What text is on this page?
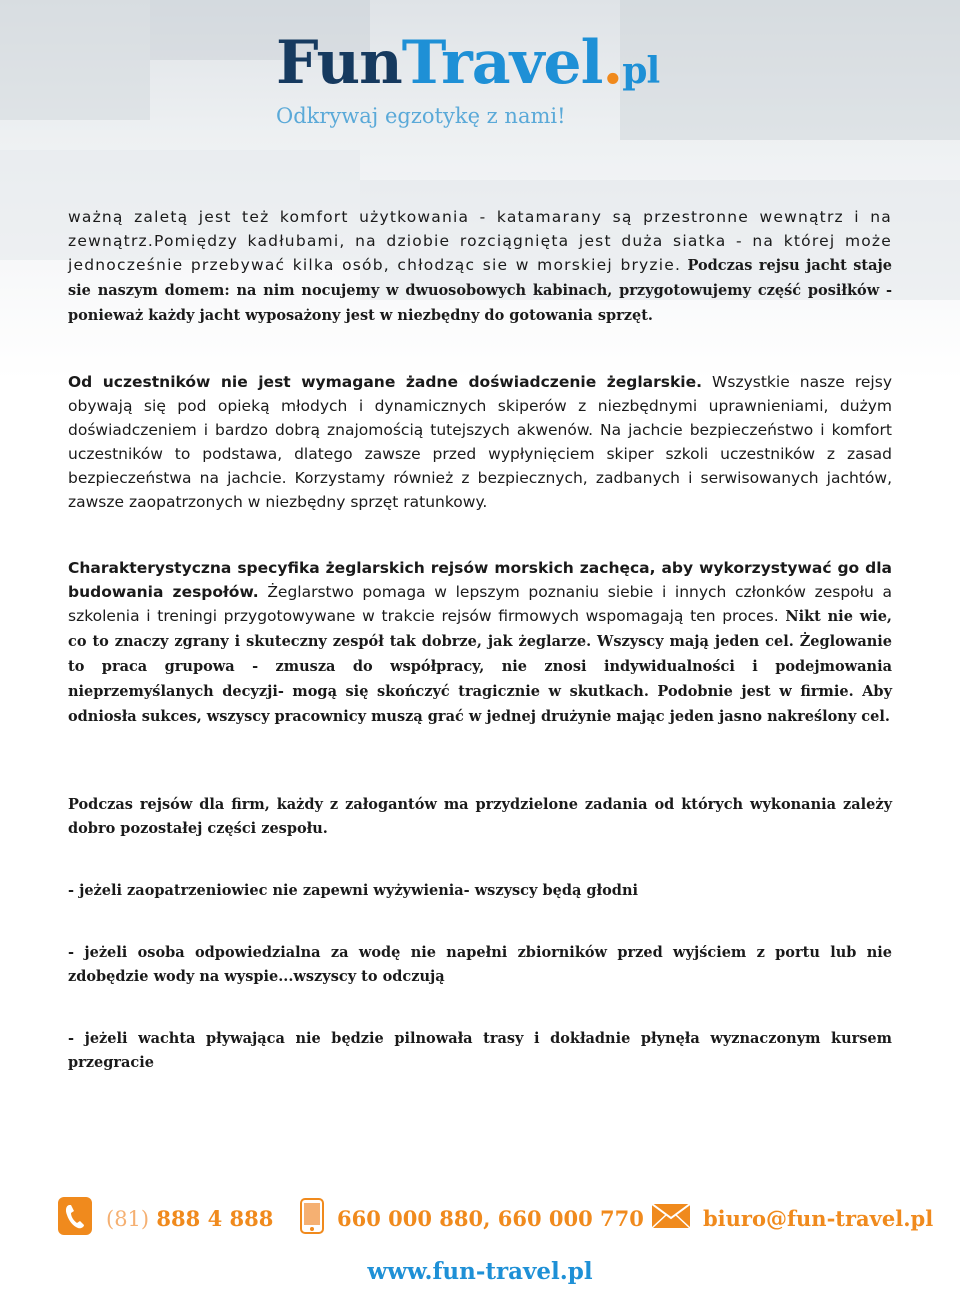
FunTravel.pl
Odkrywaj egzotykę z nami!

ważną zaletą jest też komfort użytkowania - katamarany są przestronne wewnątrz i na zewnątrz.Pomiędzy kadłubami, na dziobie rozciągnięta jest duża siatka - na której może jednocześnie przebywać kilka osób, chłodząc sie w morskiej bryzie. Podczas rejsu jacht staje sie naszym domem: na nim nocujemy w dwuosobowych kabinach, przygotowujemy część posiłków - ponieważ każdy jacht wyposażony jest w niezbędny do gotowania sprzęt.

Od uczestników nie jest wymagane żadne doświadczenie żeglarskie. Wszystkie nasze rejsy obywają się pod opieką młodych i dynamicznych skiperów z niezbędnymi uprawnieniami, dużym doświadczeniem i bardzo dobrą znajomością tutejszych akwenów. Na jachcie bezpieczeństwo i komfort uczestników to podstawa, dlatego zawsze przed wypłynięciem skiper szkoli uczestników z zasad bezpieczeństwa na jachcie. Korzystamy również z bezpiecznych, zadbanych i serwisowanych jachtów, zawsze zaopatrzonych w niezbędny sprzęt ratunkowy.

Charakterystyczna specyfika żeglarskich rejsów morskich zachęca, aby wykorzystywać go dla budowania zespołów. Żeglarstwo pomaga w lepszym poznaniu siebie i innych członków zespołu a szkolenia i treningi przygotowywane w trakcie rejsów firmowych wspomagają ten proces. Nikt nie wie, co to znaczy zgrany i skuteczny zespół tak dobrze, jak żeglarze. Wszyscy mają jeden cel. Żeglowanie to praca grupowa - zmusza do współpracy, nie znosi indywidualności i podejmowania nieprzemyślanych decyzji- mogą się skończyć tragicznie w skutkach. Podobnie jest w firmie. Aby odniosła sukces, wszyscy pracownicy muszą grać w jednej drużynie mając jeden jasno nakreślony cel.

Podczas rejsów dla firm, każdy z załogantów ma przydzielone zadania od których wykonania zależy dobro pozostałej części zespołu.

- jeżeli zaopatrzeniowiec nie zapewni wyżywienia- wszyscy będą głodni

- jeżeli osoba odpowiedzialna za wodę nie napełni zbiorników przed wyjściem z portu lub nie zdobędzie wody na wyspie...wszyscy to odczują

- jeżeli wachta pływająca nie będzie pilnowała trasy i dokładnie płynęła wyznaczonym kursem przegracie

(81) 888 4 888	660 000 880, 660 000 770	biuro@fun-travel.pl
www.fun-travel.pl
